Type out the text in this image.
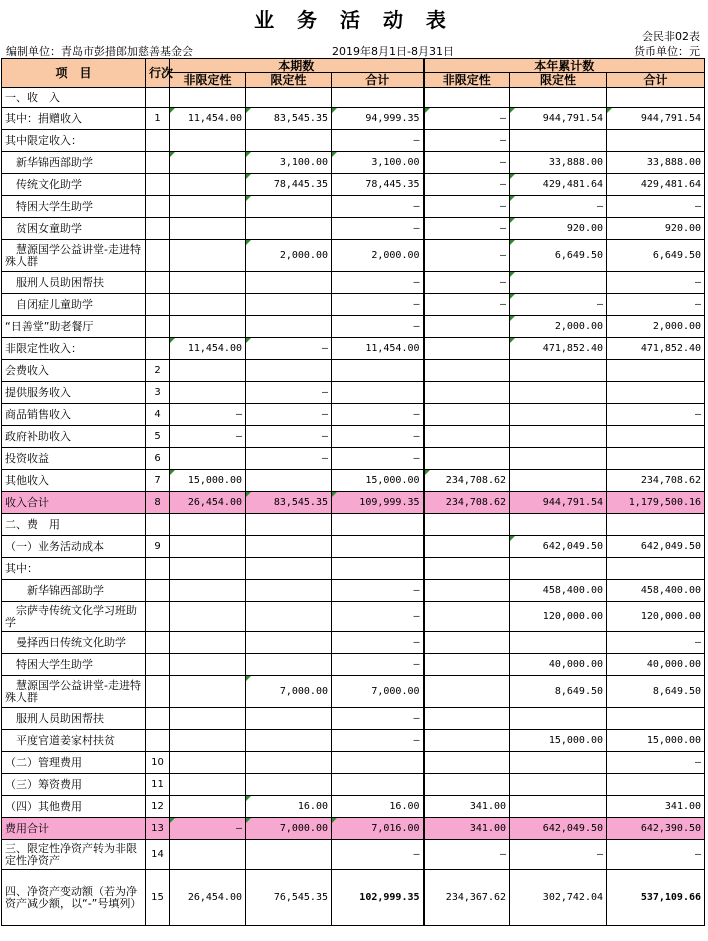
业 务 活 动 表
会民非02表
编制单位：青岛市彭措郎加慈善基金会	2019年8月1日-8月31日	货币单位：元
项　目	行次	本期数			本年累计数		
		非限定性	限定性	合计	非限定性	限定性	合计
一、收　入							
其中：捐赠收入	1	11,454.00	83,545.35	94,999.35	–	944,791.54	944,791.54
其中限定收入：				–	–		
　新华锦西部助学			3,100.00	3,100.00	–	33,888.00	33,888.00
　传统文化助学			78,445.35	78,445.35	–	429,481.64	429,481.64
　特困大学生助学				–	–	–	–
　贫困女童助学				–	–	920.00	920.00
　慧源国学公益讲堂-走进特殊人群			2,000.00	2,000.00	–	6,649.50	6,649.50
　服刑人员助困帮扶				–	–		–
　自闭症儿童助学				–	–	–	–
“日善堂”助老餐厅				–		2,000.00	2,000.00
非限定性收入：		11,454.00	–	11,454.00		471,852.40	471,852.40
会费收入	2						
提供服务收入	3		–				
商品销售收入	4	–	–	–			–
政府补助收入	5	–	–	–			
投资收益	6		–	–			
其他收入	7	15,000.00		15,000.00	234,708.62		234,708.62
收入合计	8	26,454.00	83,545.35	109,999.35	234,708.62	944,791.54	1,179,500.16
二、费　用							
（一）业务活动成本	9					642,049.50	642,049.50
其中：							
　　新华锦西部助学				–		458,400.00	458,400.00
　宗萨寺传统文化学习班助学				–		120,000.00	120,000.00
　曼择西日传统文化助学				–			–
　特困大学生助学				–		40,000.00	40,000.00
　慧源国学公益讲堂-走进特殊人群			7,000.00	7,000.00		8,649.50	8,649.50
　服刑人员助困帮扶				–			
　平度官道姜家村扶贫				–		15,000.00	15,000.00
（二）管理费用	10						–
（三）筹资费用	11						
（四）其他费用	12		16.00	16.00	341.00		341.00
费用合计	13	–	7,000.00	7,016.00	341.00	642,049.50	642,390.50
三、限定性净资产转为非限定性净资产	14			–	–	–	–
四、净资产变动额（若为净资产减少额，以“-”号填列）	15	26,454.00	76,545.35	102,999.35	234,367.62	302,742.04	537,109.66
